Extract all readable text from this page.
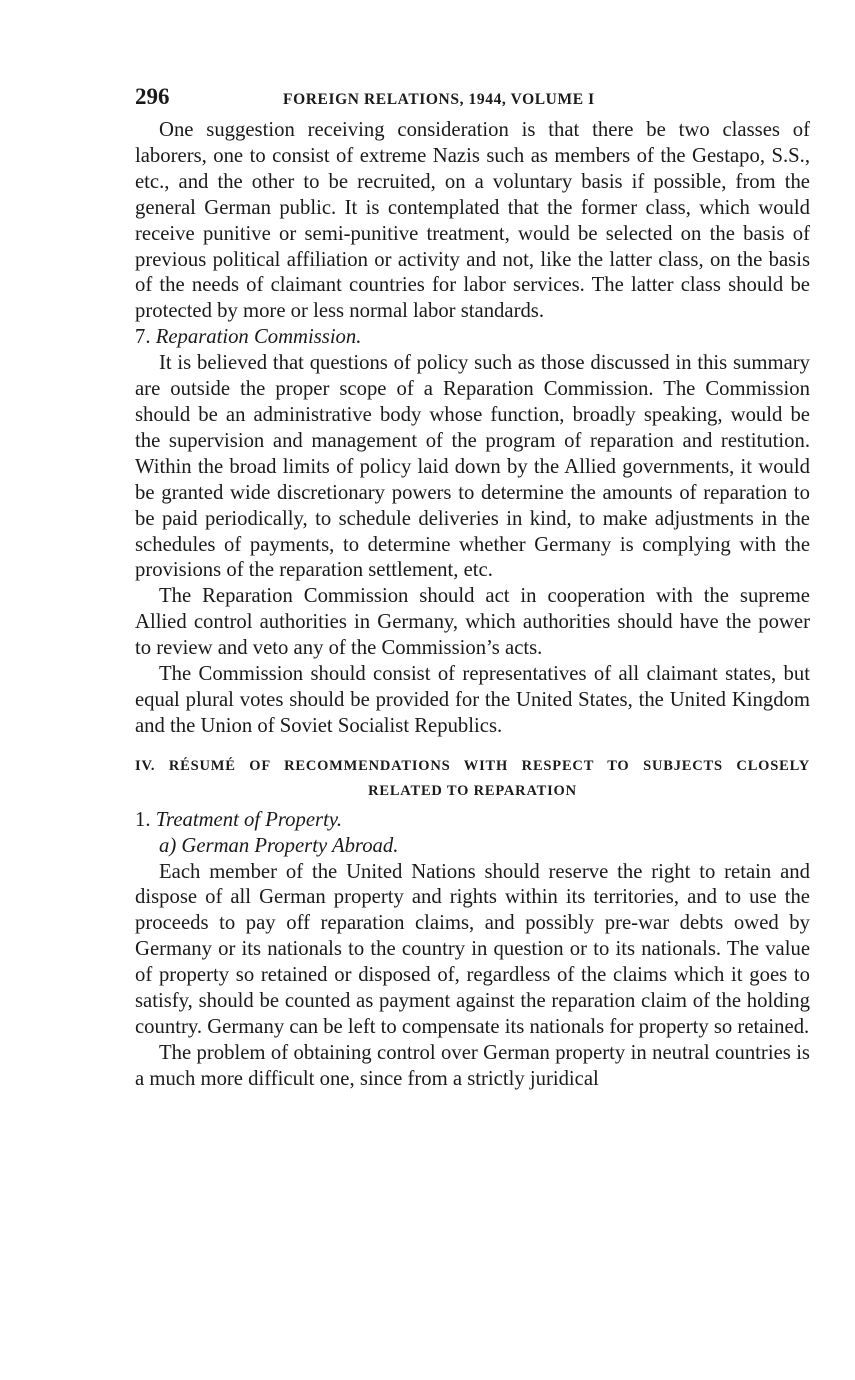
296	FOREIGN RELATIONS, 1944, VOLUME I

One suggestion receiving consideration is that there be two classes of laborers, one to consist of extreme Nazis such as members of the Gestapo, S.S., etc., and the other to be recruited, on a voluntary basis if possible, from the general German public. It is contemplated that the former class, which would receive punitive or semi-punitive treatment, would be selected on the basis of previous political affiliation or activity and not, like the latter class, on the basis of the needs of claimant countries for labor services. The latter class should be protected by more or less normal labor standards.

7. Reparation Commission.

It is believed that questions of policy such as those discussed in this summary are outside the proper scope of a Reparation Commission. The Commission should be an administrative body whose function, broadly speaking, would be the supervision and management of the program of reparation and restitution. Within the broad limits of policy laid down by the Allied governments, it would be granted wide discretionary powers to determine the amounts of reparation to be paid periodically, to schedule deliveries in kind, to make adjustments in the schedules of payments, to determine whether Germany is complying with the provisions of the reparation settlement, etc.

The Reparation Commission should act in cooperation with the supreme Allied control authorities in Germany, which authorities should have the power to review and veto any of the Commission’s acts.

The Commission should consist of representatives of all claimant states, but equal plural votes should be provided for the United States, the United Kingdom and the Union of Soviet Socialist Republics.

IV. RÉSUMÉ OF RECOMMENDATIONS WITH RESPECT TO SUBJECTS CLOSELY
RELATED TO REPARATION

1. Treatment of Property.

a) German Property Abroad.

Each member of the United Nations should reserve the right to retain and dispose of all German property and rights within its territories, and to use the proceeds to pay off reparation claims, and possibly pre-war debts owed by Germany or its nationals to the country in question or to its nationals. The value of property so retained or disposed of, regardless of the claims which it goes to satisfy, should be counted as payment against the reparation claim of the holding country. Germany can be left to compensate its nationals for property so retained.

The problem of obtaining control over German property in neutral countries is a much more difficult one, since from a strictly juridical
